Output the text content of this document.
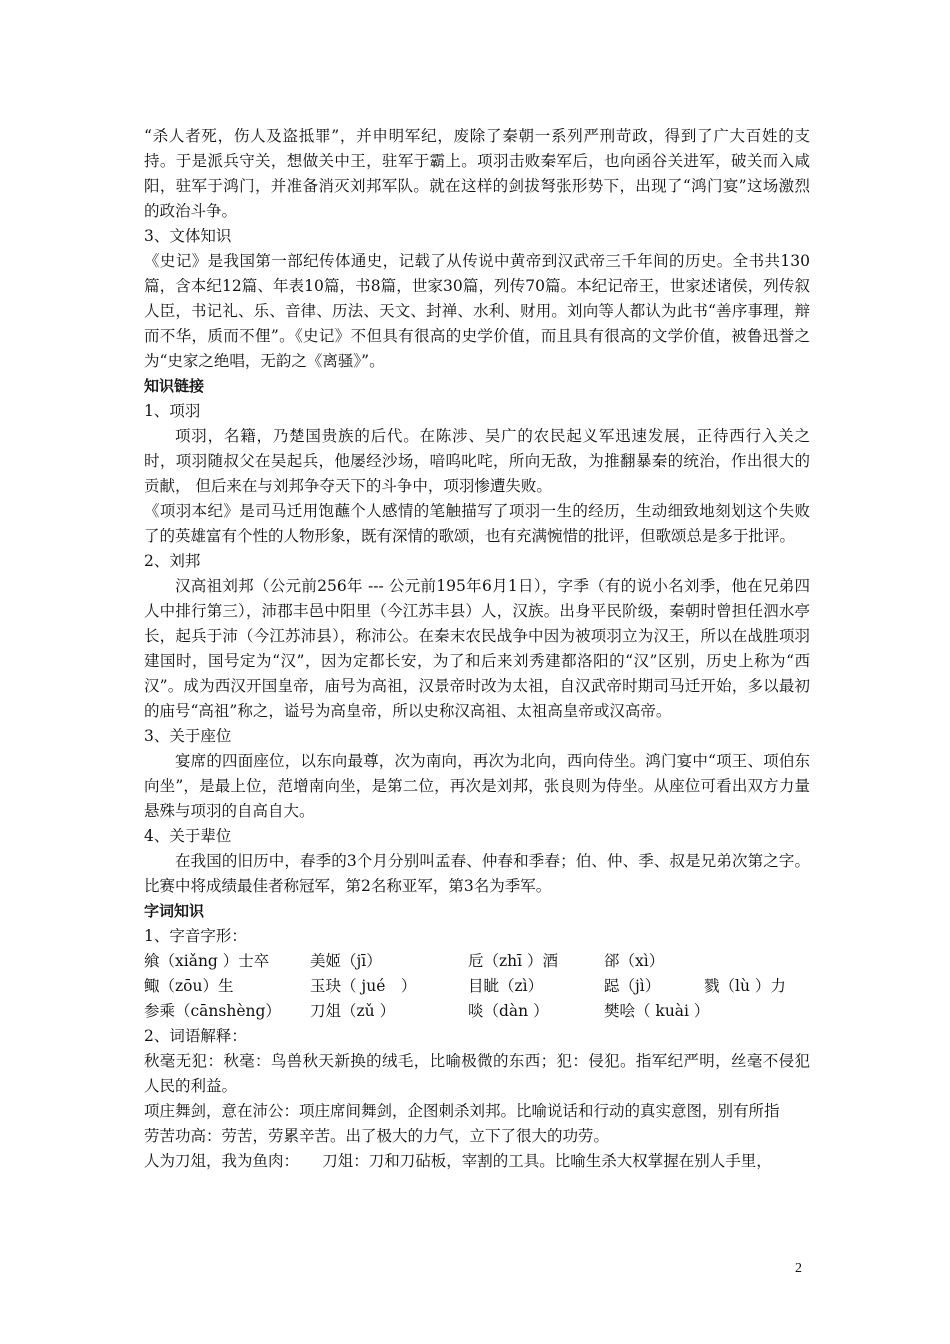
“杀人者死，伤人及盗抵罪”，并申明军纪，废除了秦朝一系列严刑苛政，得到了广大百姓的支持。于是派兵守关，想做关中王，驻军于霸上。项羽击败秦军后，也向函谷关进军，破关而入咸阳，驻军于鸿门，并准备消灭刘邦军队。就在这样的剑拔弩张形势下，出现了“鸿门宴”这场激烈的政治斗争。

3、文体知识

《史记》是我国第一部纪传体通史，记载了从传说中黄帝到汉武帝三千年间的历史。全书共130篇，含本纪12篇、年表10篇，书8篇，世家30篇，列传70篇。本纪记帝王，世家述诸侯，列传叙人臣，书记礼、乐、音律、历法、天文、封禅、水利、财用。刘向等人都认为此书“善序事理，辩而不华，质而不俚”。《史记》不但具有很高的史学价值，而且具有很高的文学价值，被鲁迅誉之为“史家之绝唱，无韵之《离骚》”。

知识链接

1、项羽

项羽，名籍，乃楚国贵族的后代。在陈涉、吴广的农民起义军迅速发展，正待西行入关之时，项羽随叔父在吴起兵，他屡经沙场，喑呜叱咤，所向无敌，为推翻暴秦的统治，作出很大的贡献， 但后来在与刘邦争夺天下的斗争中，项羽惨遭失败。

《项羽本纪》是司马迁用饱蘸个人感情的笔触描写了项羽一生的经历，生动细致地刻划这个失败了的英雄富有个性的人物形象，既有深情的歌颂，也有充满惋惜的批评，但歌颂总是多于批评。

2、刘邦

汉高祖刘邦（公元前256年 --- 公元前195年6月1日），字季（有的说小名刘季，他在兄弟四人中排行第三），沛郡丰邑中阳里（今江苏丰县）人，汉族。出身平民阶级，秦朝时曾担任泗水亭长，起兵于沛（今江苏沛县），称沛公。在秦末农民战争中因为被项羽立为汉王，所以在战胜项羽建国时，国号定为“汉”，因为定都长安，为了和后来刘秀建都洛阳的“汉”区别，历史上称为“西汉”。成为西汉开国皇帝，庙号为高祖，汉景帝时改为太祖，自汉武帝时期司马迁开始，多以最初的庙号“高祖”称之，谥号为高皇帝，所以史称汉高祖、太祖高皇帝或汉高帝。

3、关于座位

宴席的四面座位，以东向最尊，次为南向，再次为北向，西向侍坐。鸿门宴中“项王、项伯东向坐”，是最上位，范增南向坐，是第二位，再次是刘邦，张良则为侍坐。从座位可看出双方力量悬殊与项羽的自高自大。

4、关于辈位

在我国的旧历中，春季的3个月分别叫孟春、仲春和季春；伯、仲、季、叔是兄弟次第之字。比赛中将成绩最佳者称冠军，第2名称亚军，第3名为季军。

字词知识

1、字音字形：

飨（xiǎng ）士卒	美姬（jī）	卮（zhī ）酒	郤（xì）
鲰（zōu）生	玉玦（ jué　）	目眦（zì）	跽（jì）	戮（lù ）力
参乘（cānshèng）	刀俎（zǔ ）	啖（dàn ）	樊哙（ kuài ）

2、词语解释：

秋毫无犯：秋毫：鸟兽秋天新换的绒毛，比喻极微的东西；犯：侵犯。指军纪严明，丝毫不侵犯人民的利益。

项庄舞剑，意在沛公：项庄席间舞剑，企图刺杀刘邦。比喻说话和行动的真实意图，别有所指

劳苦功高：劳苦，劳累辛苦。出了极大的力气，立下了很大的功劳。

人为刀俎，我为鱼肉：　　刀俎：刀和刀砧板，宰割的工具。比喻生杀大权掌握在别人手里，

2
